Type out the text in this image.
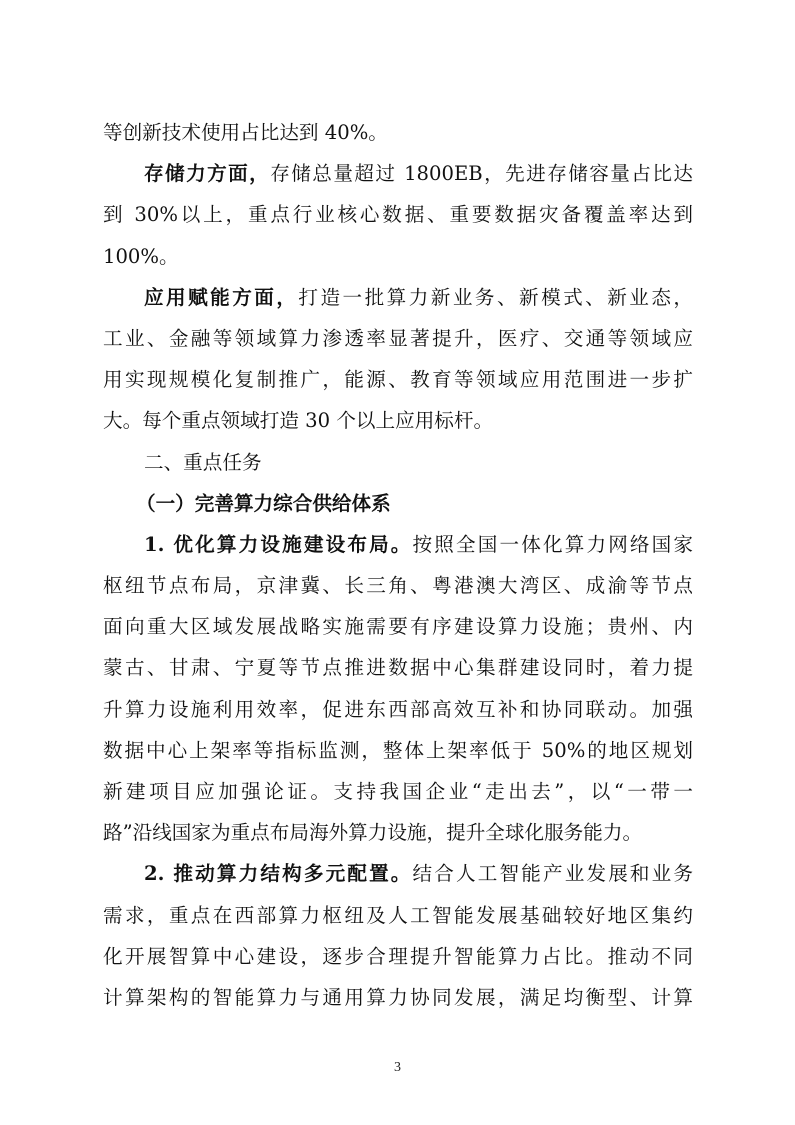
等创新技术使用占比达到 40%。
存储力方面，存储总量超过 1800EB，先进存储容量占比达
到 30%以上，重点行业核心数据、重要数据灾备覆盖率达到
100%。
应用赋能方面，打造一批算力新业务、新模式、新业态，
工业、金融等领域算力渗透率显著提升，医疗、交通等领域应
用实现规模化复制推广，能源、教育等领域应用范围进一步扩
大。每个重点领域打造 30 个以上应用标杆。
二、重点任务
（一）完善算力综合供给体系
1. 优化算力设施建设布局。按照全国一体化算力网络国家
枢纽节点布局，京津冀、长三角、粤港澳大湾区、成渝等节点
面向重大区域发展战略实施需要有序建设算力设施；贵州、内
蒙古、甘肃、宁夏等节点推进数据中心集群建设同时，着力提
升算力设施利用效率，促进东西部高效互补和协同联动。加强
数据中心上架率等指标监测，整体上架率低于 50%的地区规划
新建项目应加强论证。支持我国企业“走出去”，以“一带一
路”沿线国家为重点布局海外算力设施，提升全球化服务能力。
2. 推动算力结构多元配置。结合人工智能产业发展和业务
需求，重点在西部算力枢纽及人工智能发展基础较好地区集约
化开展智算中心建设，逐步合理提升智能算力占比。推动不同
计算架构的智能算力与通用算力协同发展，满足均衡型、计算
3
